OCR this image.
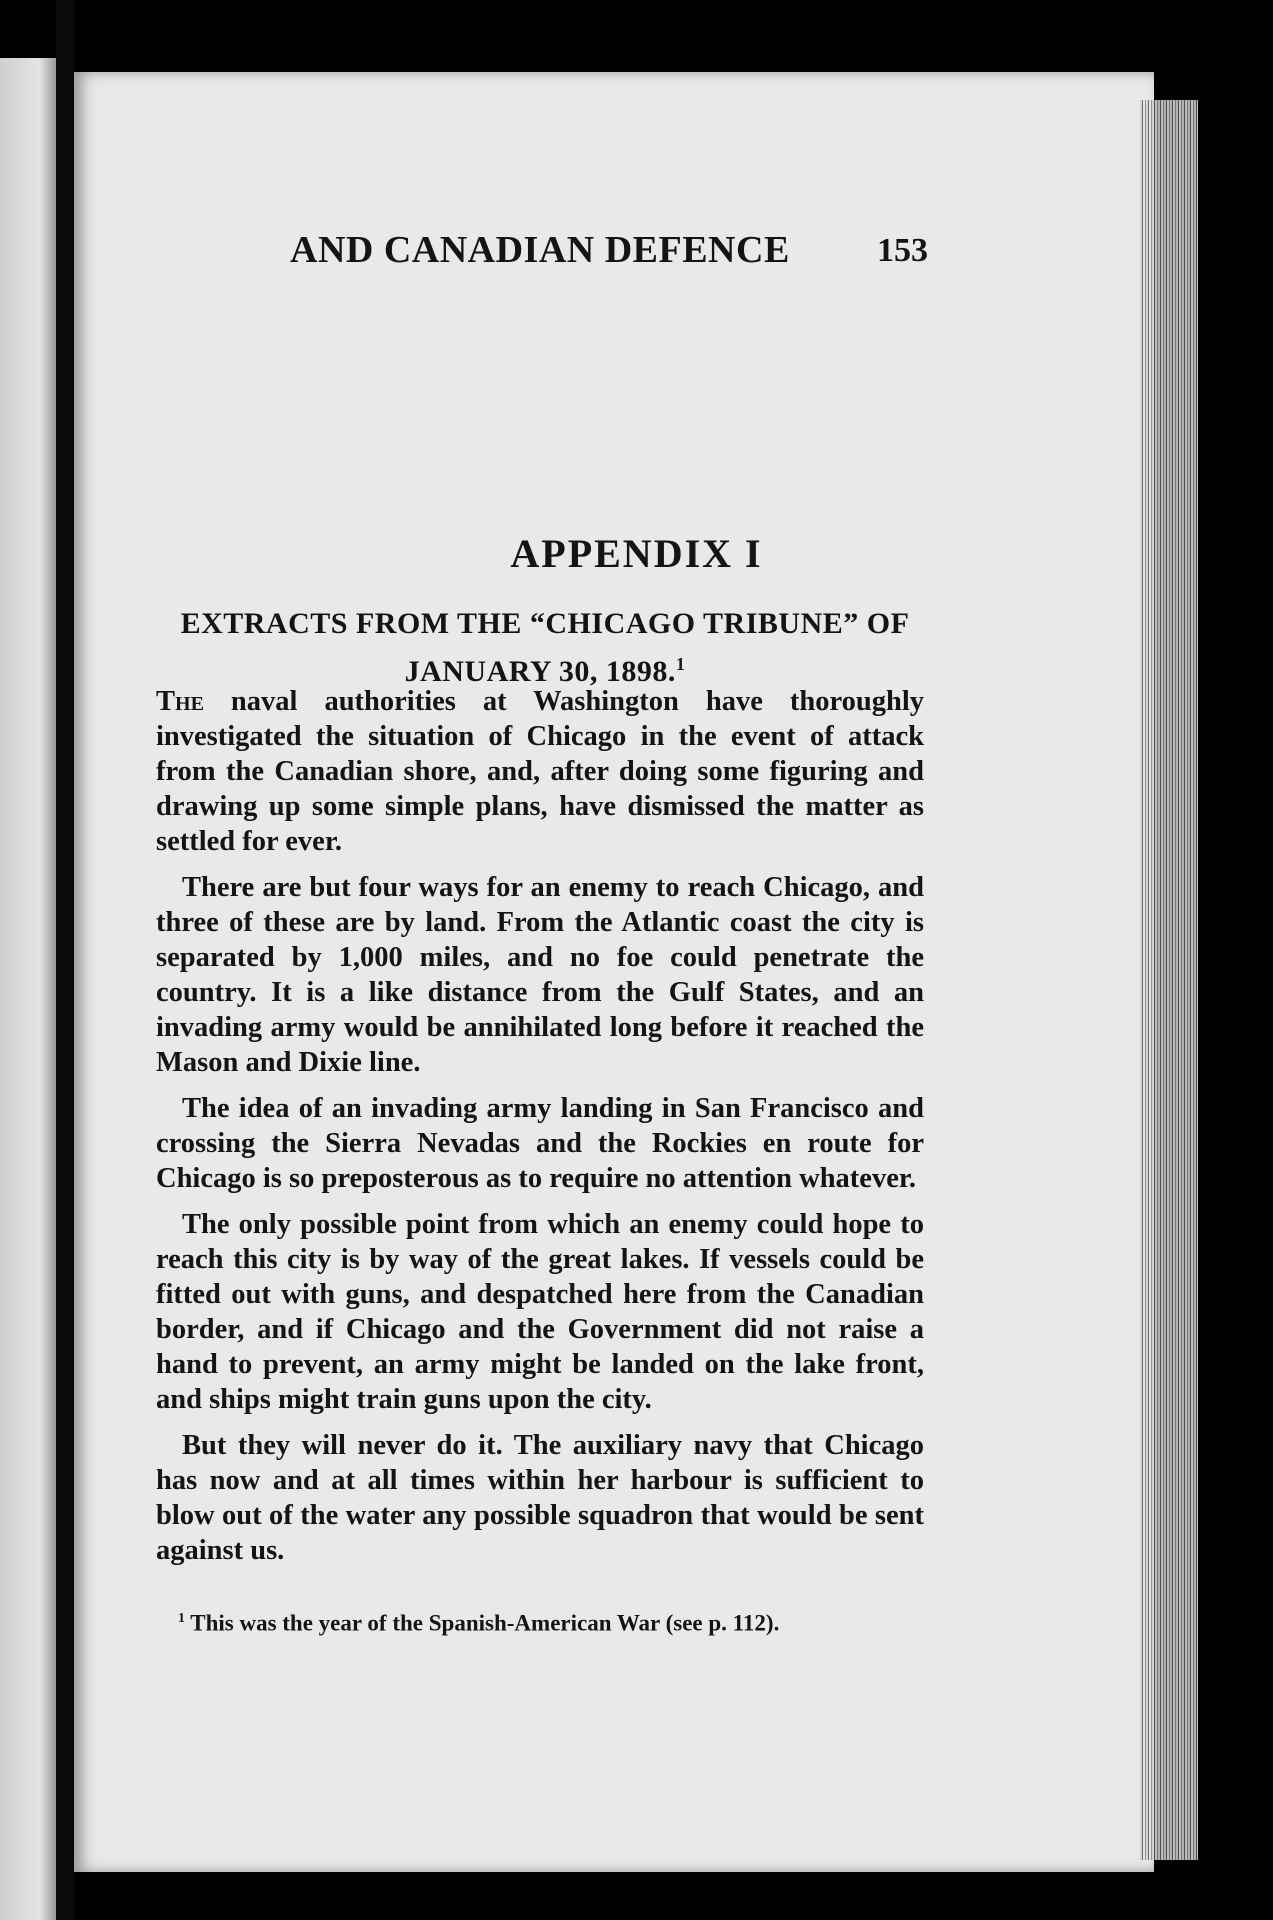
AND CANADIAN DEFENCE	153
APPENDIX I
EXTRACTS FROM THE “CHICAGO TRIBUNE” OF
JANUARY 30, 1898.$^1$

The naval authorities at Washington have thoroughly investigated the situation of Chicago in the event of attack from the Canadian shore, and, after doing some figuring and drawing up some simple plans, have dismissed the matter as settled for ever.

There are but four ways for an enemy to reach Chicago, and three of these are by land. From the Atlantic coast the city is separated by 1,000 miles, and no foe could penetrate the country. It is a like distance from the Gulf States, and an invading army would be annihilated long before it reached the Mason and Dixie line.

The idea of an invading army landing in San Francisco and crossing the Sierra Nevadas and the Rockies en route for Chicago is so preposterous as to require no attention whatever.

The only possible point from which an enemy could hope to reach this city is by way of the great lakes. If vessels could be fitted out with guns, and despatched here from the Canadian border, and if Chicago and the Government did not raise a hand to prevent, an army might be landed on the lake front, and ships might train guns upon the city.

But they will never do it. The auxiliary navy that Chicago has now and at all times within her harbour is sufficient to blow out of the water any possible squadron that would be sent against us.

$^1$ This was the year of the Spanish-American War (see p. 112).
